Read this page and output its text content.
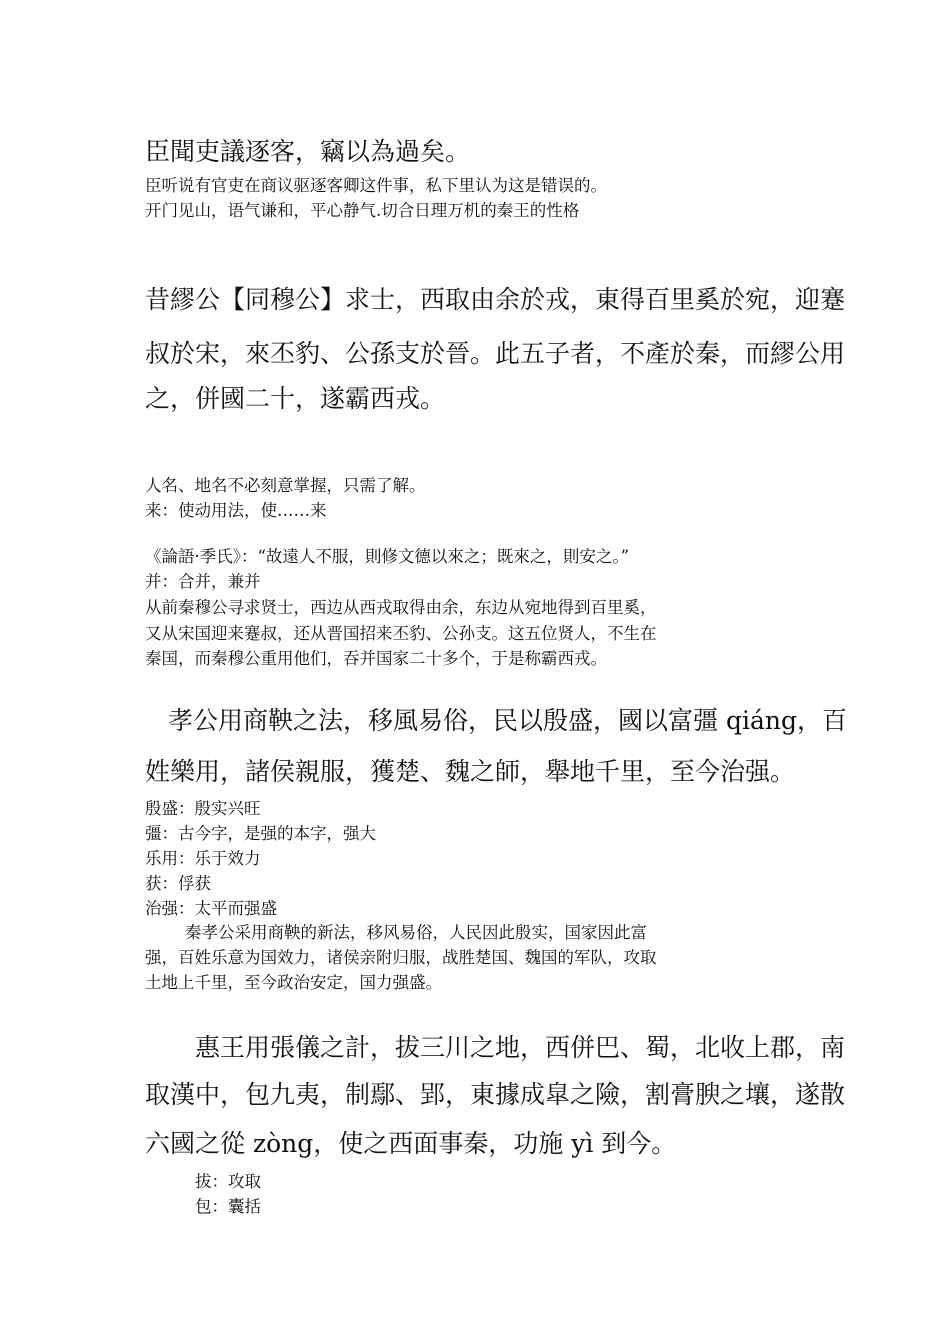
臣聞吏議逐客，竊以為過矣。
臣听说有官吏在商议驱逐客卿这件事，私下里认为这是错误的。
开门见山，语气谦和，平心静气.切合日理万机的秦王的性格
昔繆公【同穆公】求士，西取由余於戎，東得百里奚於宛，迎蹇
叔於宋，來丕豹、公孫支於晉。此五子者，不產於秦，而繆公用
之，併國二十，遂霸西戎。
人名、地名不必刻意掌握，只需了解。
来：使动用法，使……来
《論語·季氏》：“故遠人不服，則修文德以來之；既來之，則安之。”
并：合并，兼并
从前秦穆公寻求贤士，西边从西戎取得由余，东边从宛地得到百里奚，
又从宋国迎来蹇叔，还从晋国招来丕豹、公孙支。这五位贤人，不生在
秦国，而秦穆公重用他们，吞并国家二十多个，于是称霸西戎。
孝公用商鞅之法，移風易俗，民以殷盛，國以富彊 qiáng，百
姓樂用，諸侯親服，獲楚、魏之師，舉地千里，至今治强。
殷盛：殷实兴旺
彊：古今字，是强的本字，强大
乐用：乐于效力
获：俘获
治强：太平而强盛
秦孝公采用商鞅的新法，移风易俗，人民因此殷实，国家因此富
强，百姓乐意为国效力，诸侯亲附归服，战胜楚国、魏国的军队，攻取
土地上千里，至今政治安定，国力强盛。
惠王用張儀之計，拔三川之地，西併巴、蜀，北收上郡，南
取漢中，包九夷，制鄢、郢，東據成皐之險，割膏腴之壤，遂散
六國之從 zòng，使之西面事秦，功施 yì 到今。
拔：攻取
包：囊括
